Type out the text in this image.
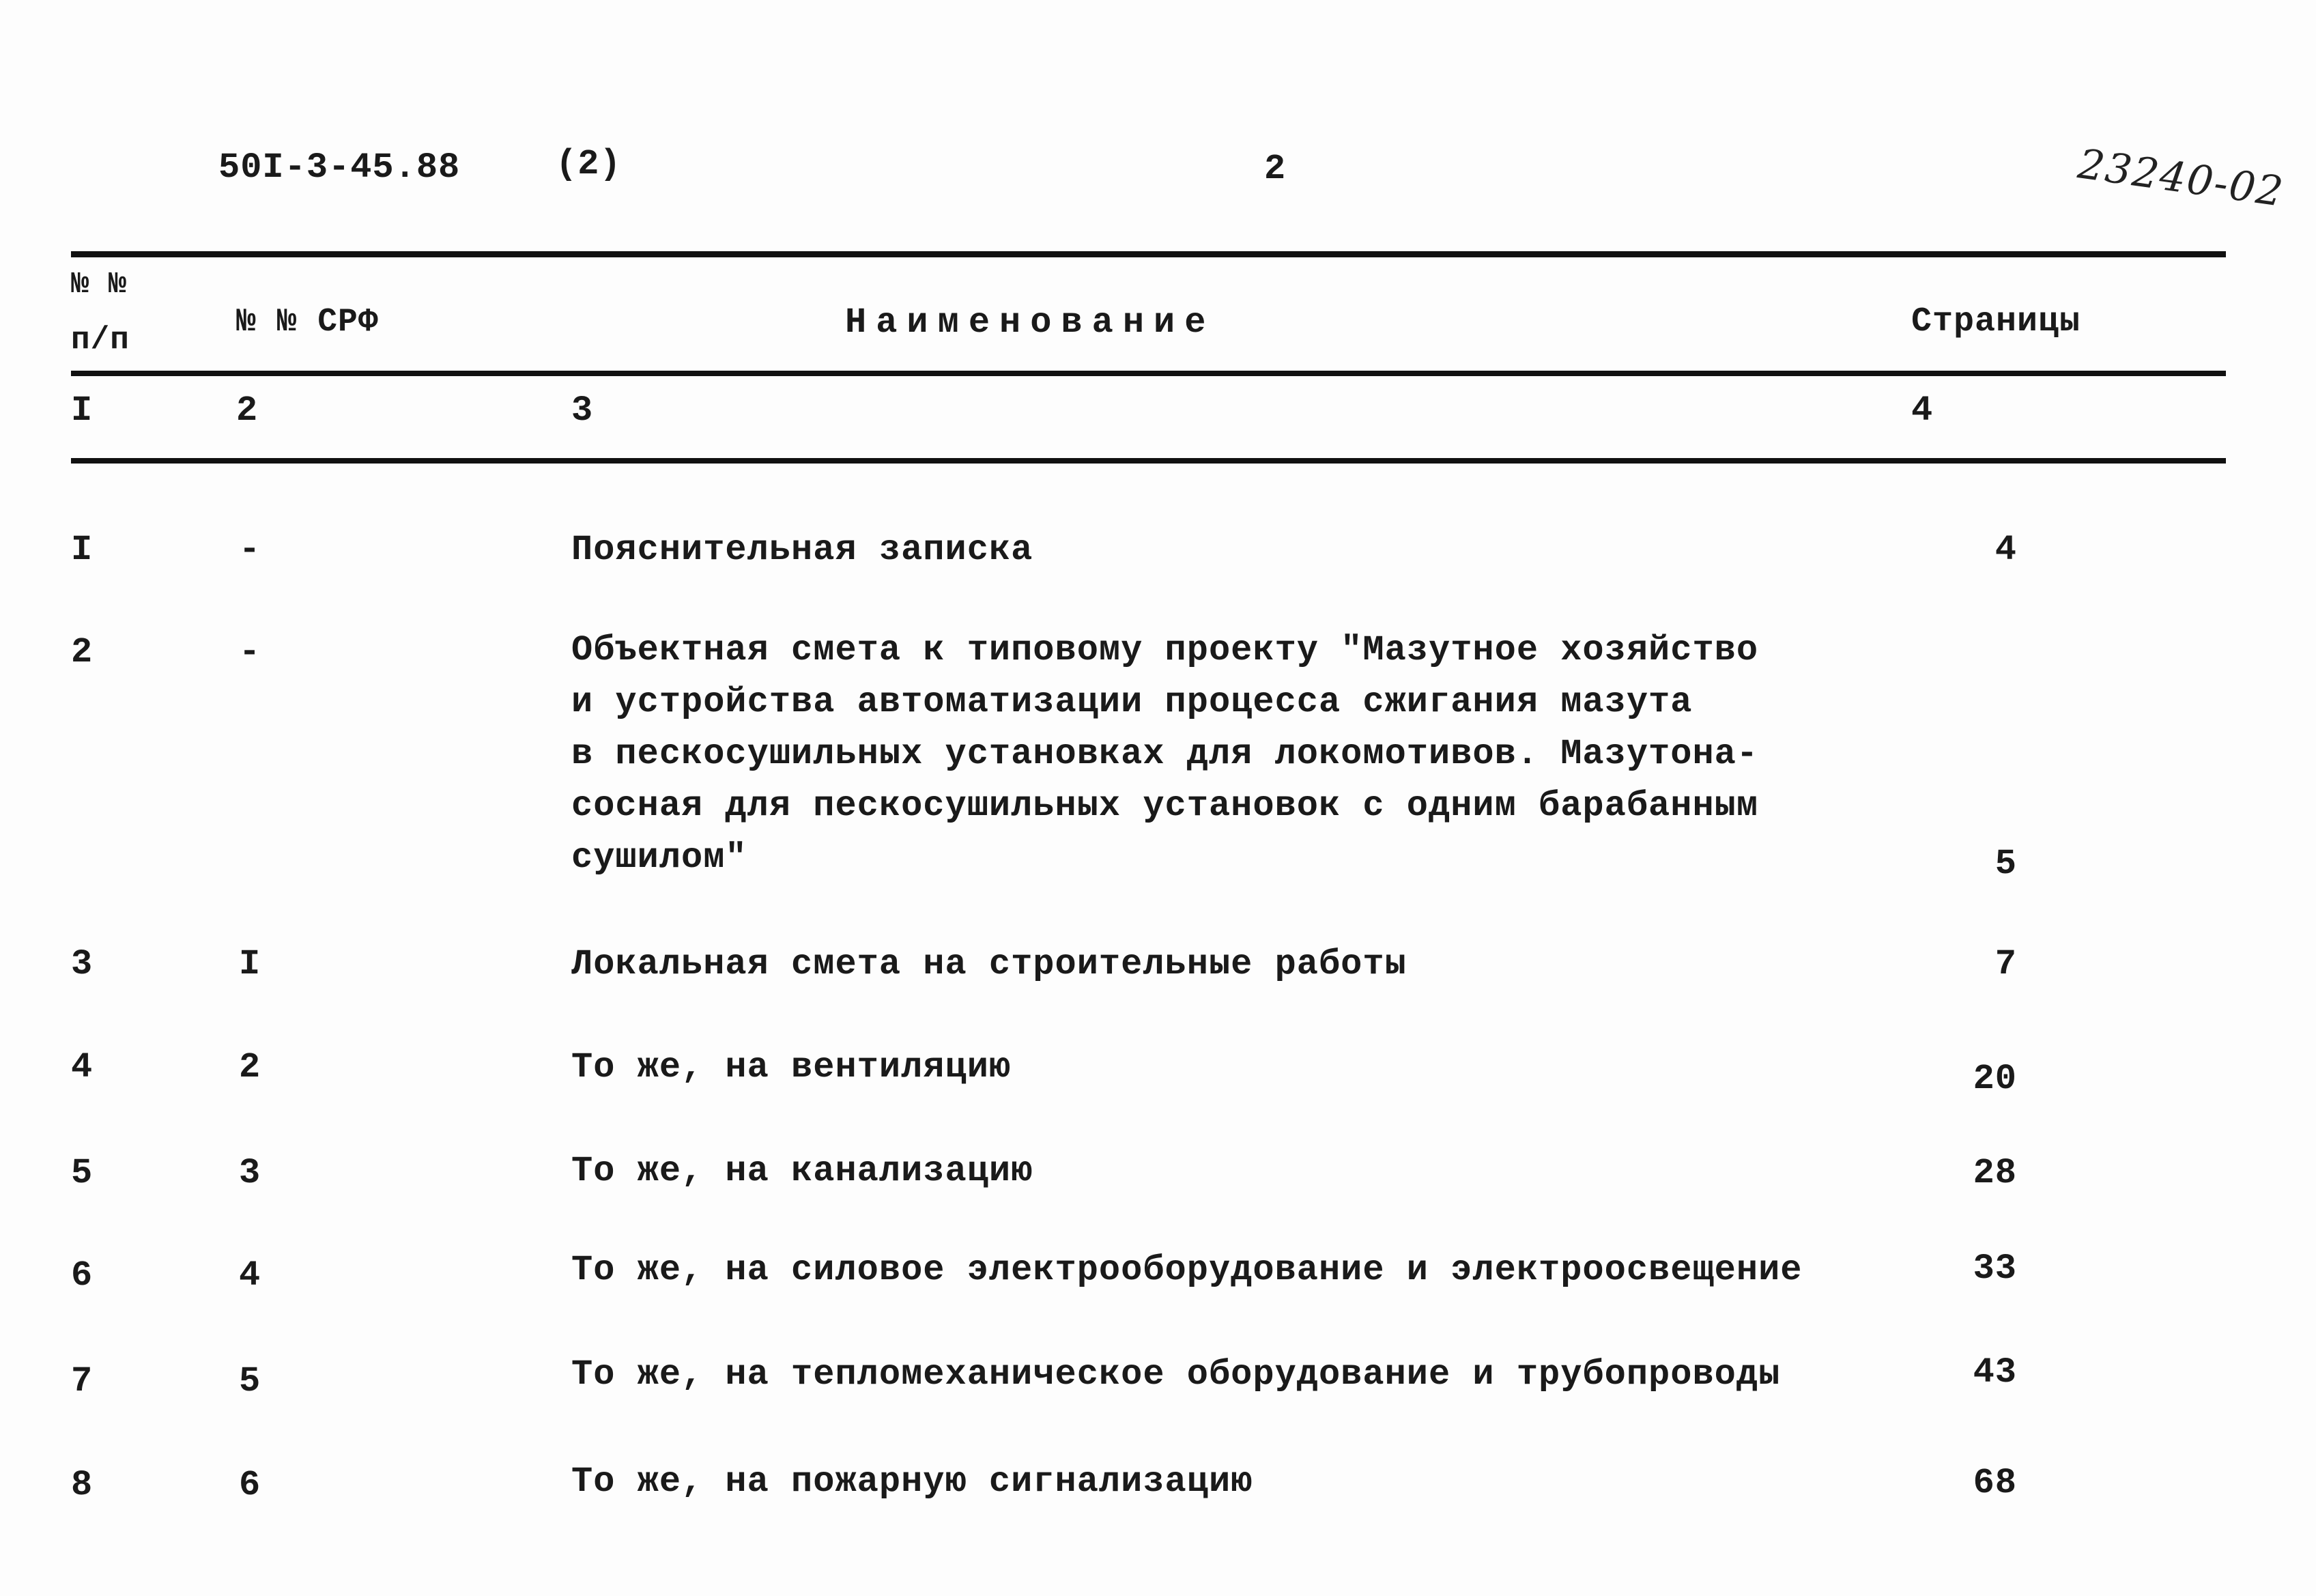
50I-3-45.88	(2)	2	23240-02
№ №
п/п	№ № СРФ	Наименование	Страницы
I	2	3	4
I	-	Пояснительная записка	4
2	-	Объектная смета к типовому проекту "Мазутное хозяйство
и устройства автоматизации процесса сжигания мазута
в пескосушильных установках для локомотивов. Мазутона-
сосная для пескосушильных установок с одним барабанным
сушилом"	5
3	I	Локальная смета на строительные работы	7
4	2	То же, на вентиляцию	20
5	3	То же, на канализацию	28
6	4	То же, на силовое электрооборудование и электроосвещение	33
7	5	То же, на тепломеханическое оборудование и трубопроводы	43
8	6	То же, на пожарную сигнализацию	68
